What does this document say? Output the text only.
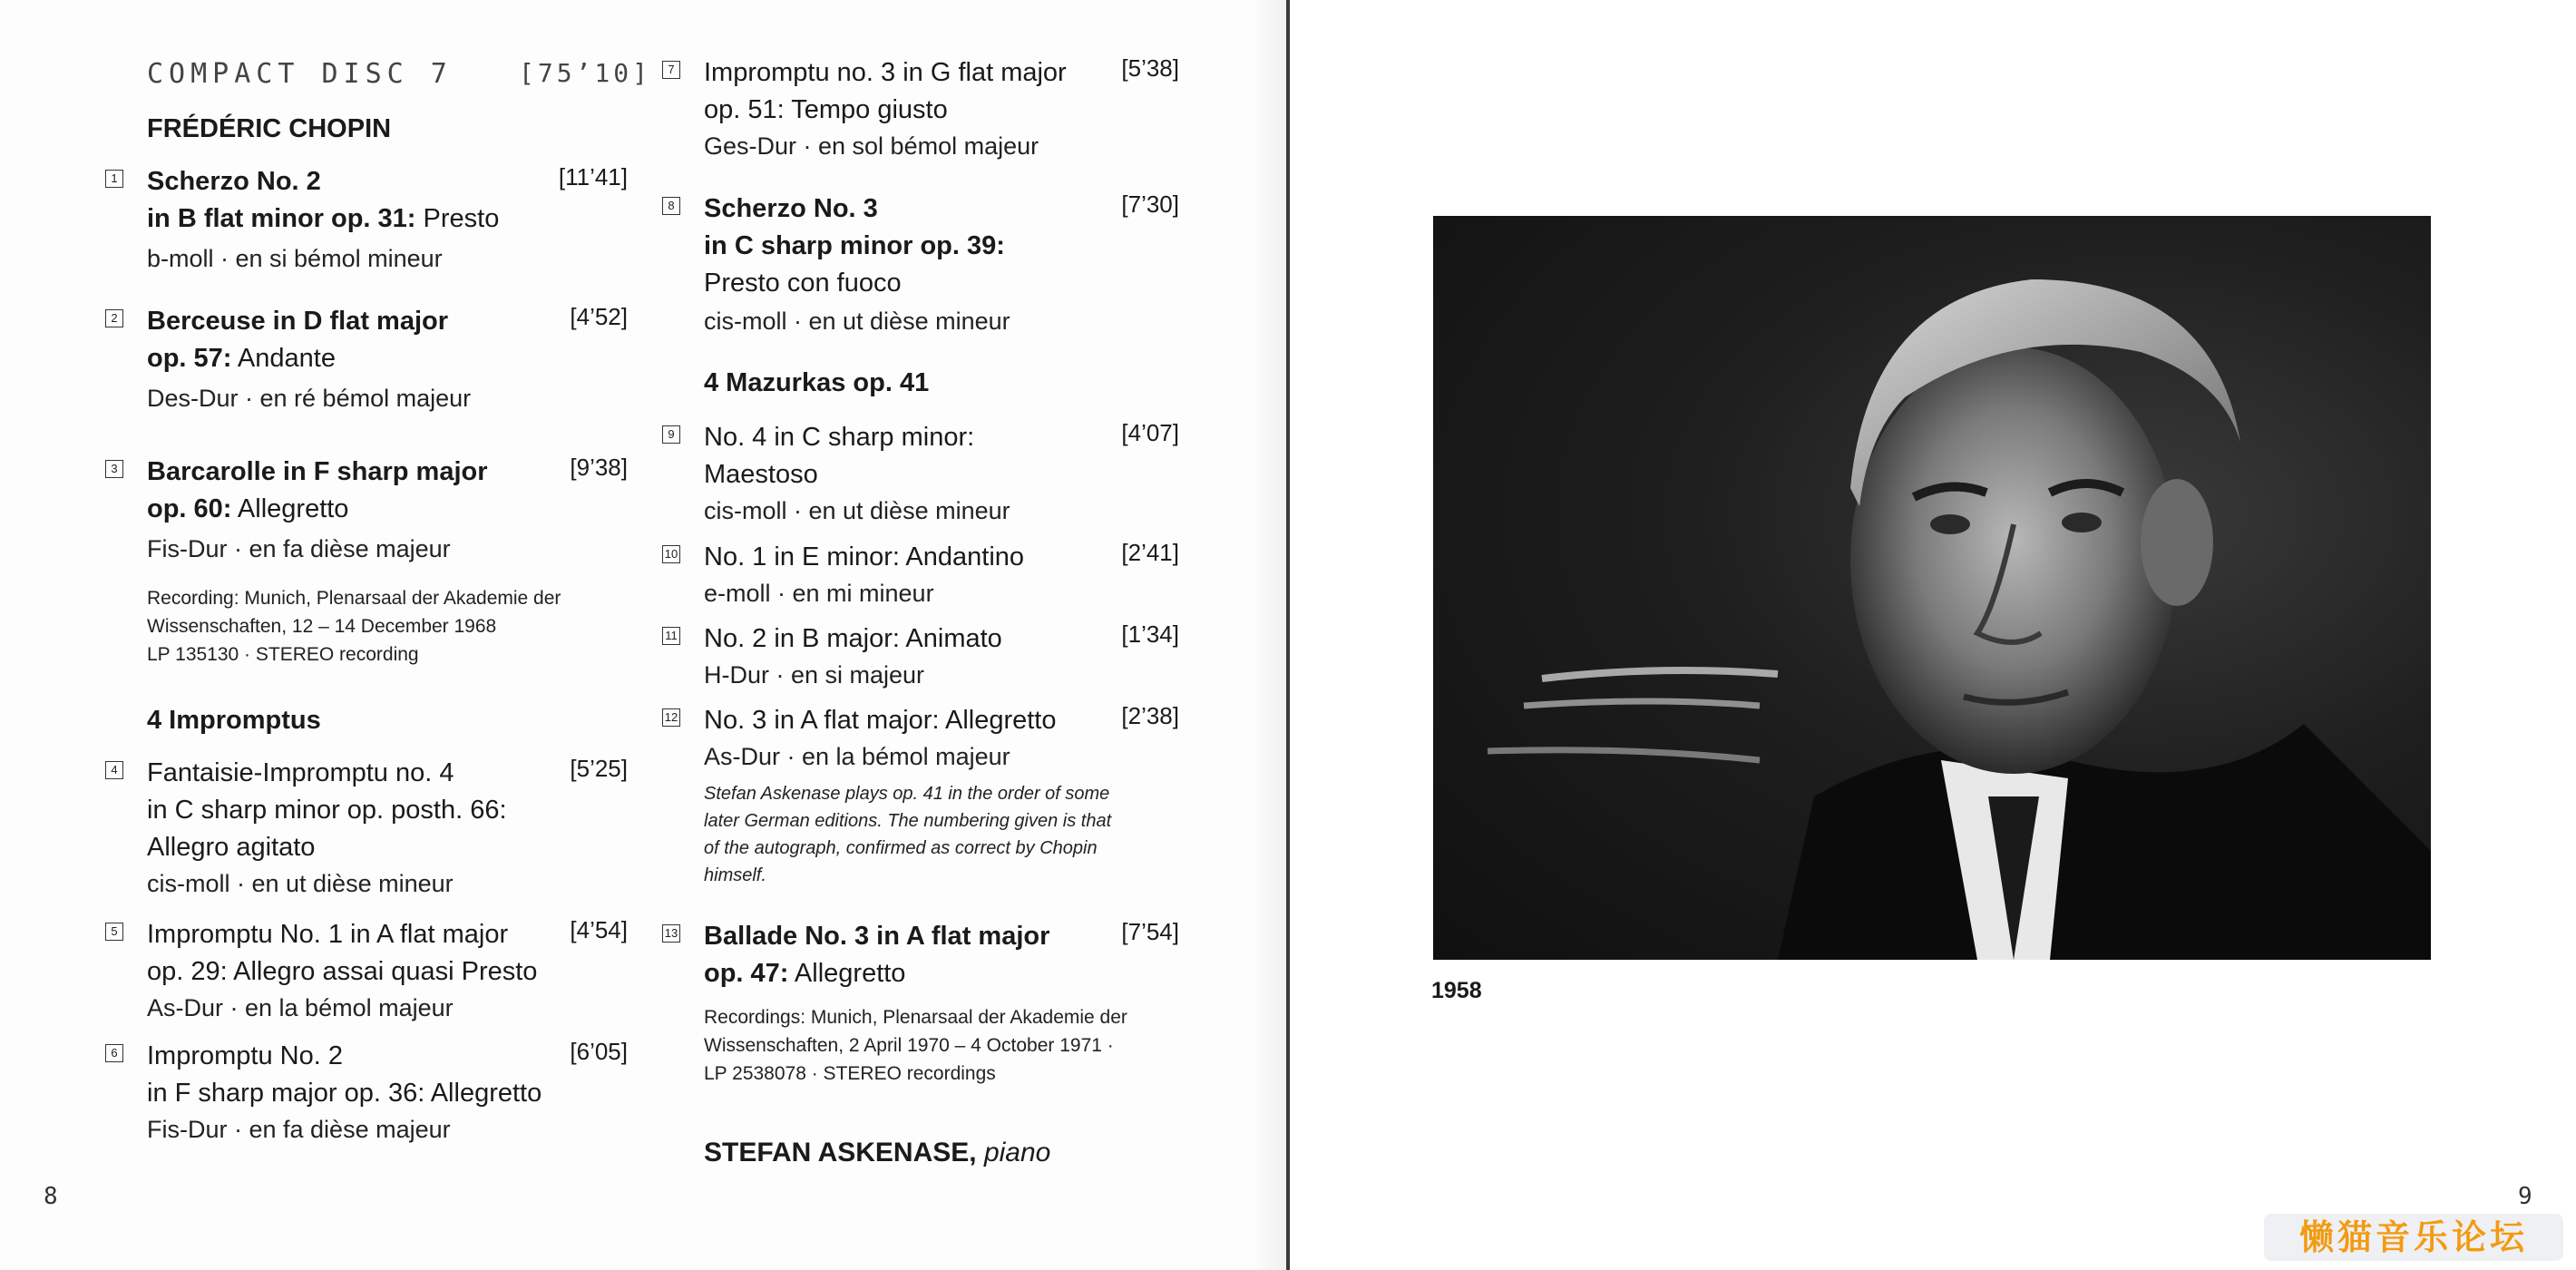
COMPACT DISC 7	[75’10]
FRÉDÉRIC CHOPIN
1	[11’41]
Scherzo No. 2
in B flat minor op. 31: Presto
b-moll · en si bémol mineur
2	[4’52]
Berceuse in D flat major
op. 57: Andante
Des-Dur · en ré bémol majeur
3	[9’38]
Barcarolle in F sharp major
op. 60: Allegretto
Fis-Dur · en fa dièse majeur
Recording: Munich, Plenarsaal der Akademie der
Wissenschaften, 12 – 14 December 1968
LP 135130 · STEREO recording
4 Impromptus
4	[5’25]
Fantaisie-Impromptu no. 4
in C sharp minor op. posth. 66:
Allegro agitato
cis-moll · en ut dièse mineur
5	[4’54]
Impromptu No. 1 in A flat major
op. 29: Allegro assai quasi Presto
As-Dur · en la bémol majeur
6	[6’05]
Impromptu No. 2
in F sharp major op. 36: Allegretto
Fis-Dur · en fa dièse majeur
7	[5’38]
Impromptu no. 3 in G flat major
op. 51: Tempo giusto
Ges-Dur · en sol bémol majeur
8	[7’30]
Scherzo No. 3
in C sharp minor op. 39:
Presto con fuoco
cis-moll · en ut dièse mineur
4 Mazurkas op. 41
9	[4’07]
No. 4 in C sharp minor:
Maestoso
cis-moll · en ut dièse mineur
10	[2’41]
No. 1 in E minor: Andantino
e-moll · en mi mineur
11	[1’34]
No. 2 in B major: Animato
H-Dur · en si majeur
12	[2’38]
No. 3 in A flat major: Allegretto
As-Dur · en la bémol majeur
Stefan Askenase plays op. 41 in the order of some
later German editions. The numbering given is that
of the autograph, confirmed as correct by Chopin
himself.
13	[7’54]
Ballade No. 3 in A flat major
op. 47: Allegretto
Recordings: Munich, Plenarsaal der Akademie der
Wissenschaften, 2 April 1970 – 4 October 1971 ·
LP 2538078 · STEREO recordings
STEFAN ASKENASE, piano
8
1958
9
懒猫音乐论坛
